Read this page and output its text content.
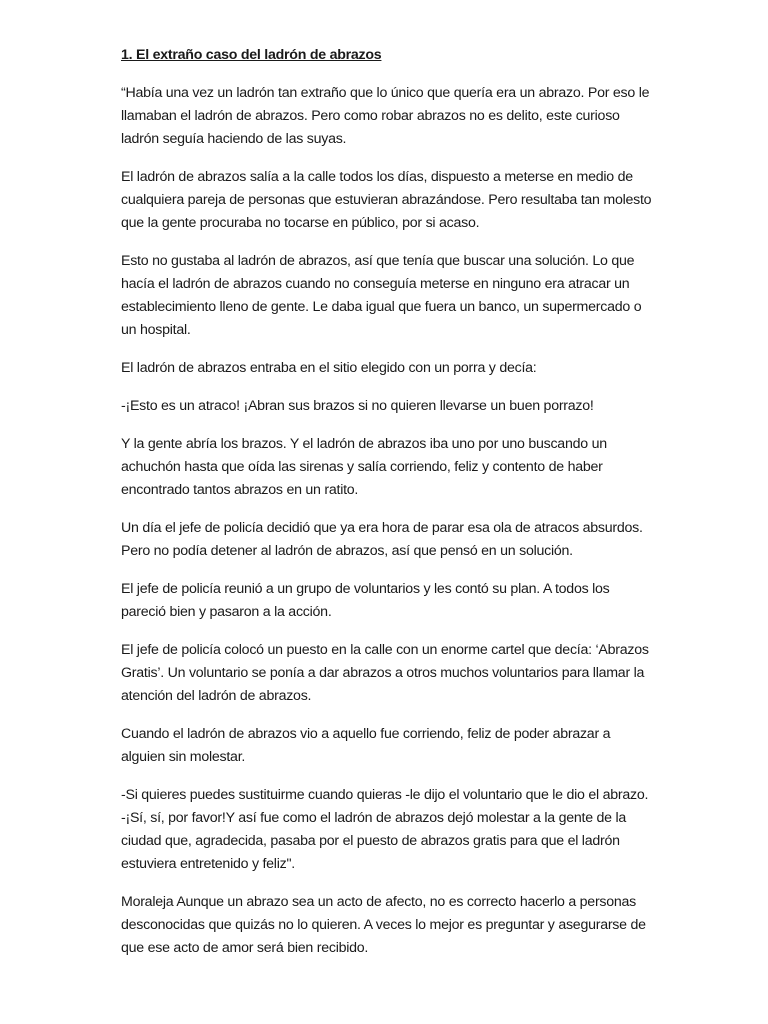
1. El extraño caso del ladrón de abrazos

“Había una vez un ladrón tan extraño que lo único que quería era un abrazo. Por eso le llamaban el ladrón de abrazos. Pero como robar abrazos no es delito, este curioso ladrón seguía haciendo de las suyas.

El ladrón de abrazos salía a la calle todos los días, dispuesto a meterse en medio de cualquiera pareja de personas que estuvieran abrazándose. Pero resultaba tan molesto que la gente procuraba no tocarse en público, por si acaso.

Esto no gustaba al ladrón de abrazos, así que tenía que buscar una solución. Lo que hacía el ladrón de abrazos cuando no conseguía meterse en ninguno era atracar un establecimiento lleno de gente. Le daba igual que fuera un banco, un supermercado o un hospital.

El ladrón de abrazos entraba en el sitio elegido con un porra y decía:

-¡Esto es un atraco! ¡Abran sus brazos si no quieren llevarse un buen porrazo!

Y la gente abría los brazos. Y el ladrón de abrazos iba uno por uno buscando un achuchón hasta que oída las sirenas y salía corriendo, feliz y contento de haber encontrado tantos abrazos en un ratito.

Un día el jefe de policía decidió que ya era hora de parar esa ola de atracos absurdos. Pero no podía detener al ladrón de abrazos, así que pensó en un solución.

El jefe de policía reunió a un grupo de voluntarios y les contó su plan. A todos los pareció bien y pasaron a la acción.

El jefe de policía colocó un puesto en la calle con un enorme cartel que decía: ‘Abrazos Gratis’. Un voluntario se ponía a dar abrazos a otros muchos voluntarios para llamar la atención del ladrón de abrazos.

Cuando el ladrón de abrazos vio a aquello fue corriendo, feliz de poder abrazar a alguien sin molestar.

-Si quieres puedes sustituirme cuando quieras -le dijo el voluntario que le dio el abrazo. -¡Sí, sí, por favor!Y así fue como el ladrón de abrazos dejó molestar a la gente de la ciudad que, agradecida, pasaba por el puesto de abrazos gratis para que el ladrón estuviera entretenido y feliz".

Moraleja Aunque un abrazo sea un acto de afecto, no es correcto hacerlo a personas desconocidas que quizás no lo quieren. A veces lo mejor es preguntar y asegurarse de que ese acto de amor será bien recibido.
